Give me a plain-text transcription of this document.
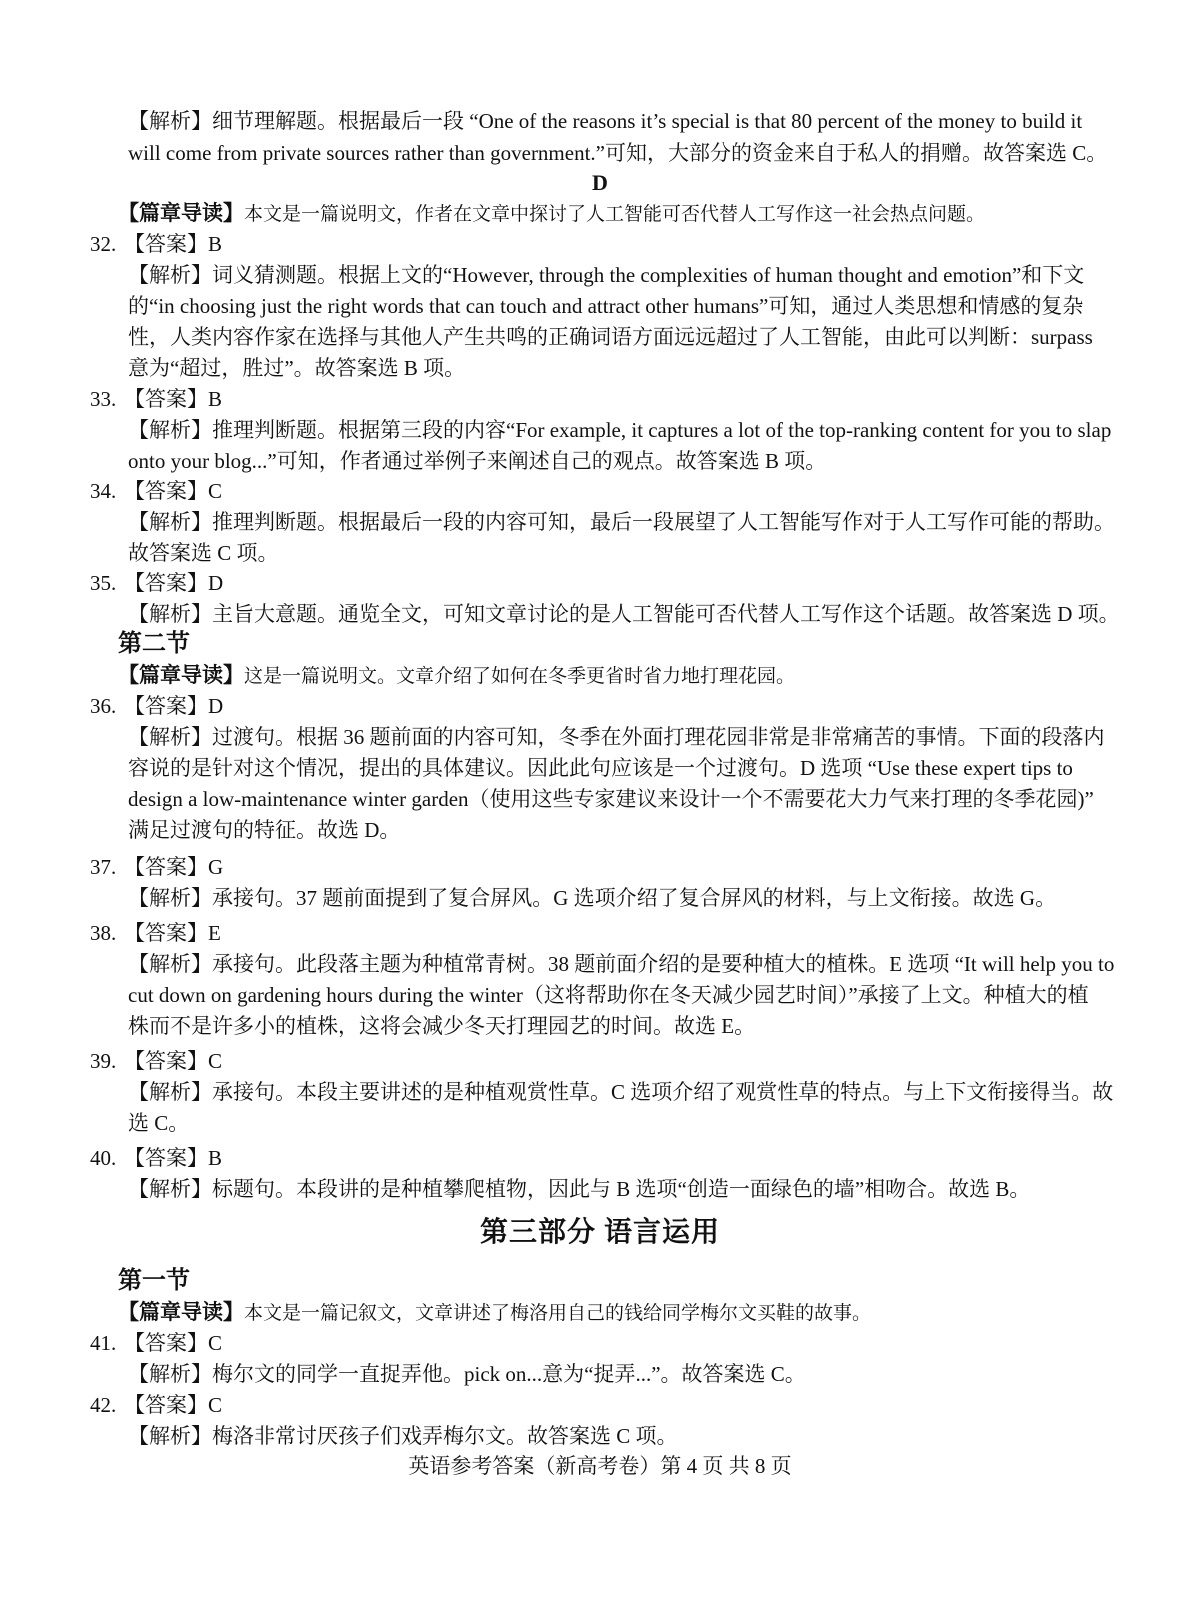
【解析】细节理解题。根据最后一段 “One of the reasons it’s special is that 80 percent of the money to build it
will come from private sources rather than government.”可知，大部分的资金来自于私人的捐赠。故答案选 C。
D
【篇章导读】本文是一篇说明文，作者在文章中探讨了人工智能可否代替人工写作这一社会热点问题。
32. 【答案】B
【解析】词义猜测题。根据上文的“However, through the complexities of human thought and emotion”和下文
的“in choosing just the right words that can touch and attract other humans”可知，通过人类思想和情感的复杂
性，人类内容作家在选择与其他人产生共鸣的正确词语方面远远超过了人工智能，由此可以判断：surpass
意为“超过，胜过”。故答案选 B 项。
33. 【答案】B
【解析】推理判断题。根据第三段的内容“For example, it captures a lot of the top-ranking content for you to slap
onto your blog...”可知，作者通过举例子来阐述自己的观点。故答案选 B 项。
34. 【答案】C
【解析】推理判断题。根据最后一段的内容可知，最后一段展望了人工智能写作对于人工写作可能的帮助。
故答案选 C 项。
35. 【答案】D
【解析】主旨大意题。通览全文，可知文章讨论的是人工智能可否代替人工写作这个话题。故答案选 D 项。
第二节
【篇章导读】这是一篇说明文。文章介绍了如何在冬季更省时省力地打理花园。
36. 【答案】D
【解析】过渡句。根据 36 题前面的内容可知，冬季在外面打理花园非常是非常痛苦的事情。下面的段落内
容说的是针对这个情况，提出的具体建议。因此此句应该是一个过渡句。D 选项 “Use these expert tips to
design a low-maintenance winter garden（使用这些专家建议来设计一个不需要花大力气来打理的冬季花园)”
满足过渡句的特征。故选 D。
37. 【答案】G
【解析】承接句。37 题前面提到了复合屏风。G 选项介绍了复合屏风的材料，与上文衔接。故选 G。
38. 【答案】E
【解析】承接句。此段落主题为种植常青树。38 题前面介绍的是要种植大的植株。E 选项 “It will help you to
cut down on gardening hours during the winter（这将帮助你在冬天减少园艺时间）”承接了上文。种植大的植
株而不是许多小的植株，这将会减少冬天打理园艺的时间。故选 E。
39. 【答案】C
【解析】承接句。本段主要讲述的是种植观赏性草。C 选项介绍了观赏性草的特点。与上下文衔接得当。故
选 C。
40. 【答案】B
【解析】标题句。本段讲的是种植攀爬植物，因此与 B 选项“创造一面绿色的墙”相吻合。故选 B。
第三部分 语言运用
第一节
【篇章导读】本文是一篇记叙文，文章讲述了梅洛用自己的钱给同学梅尔文买鞋的故事。
41. 【答案】C
【解析】梅尔文的同学一直捉弄他。pick on...意为“捉弄...”。故答案选 C。
42. 【答案】C
【解析】梅洛非常讨厌孩子们戏弄梅尔文。故答案选 C 项。
英语参考答案（新高考卷）第 4 页 共 8 页
